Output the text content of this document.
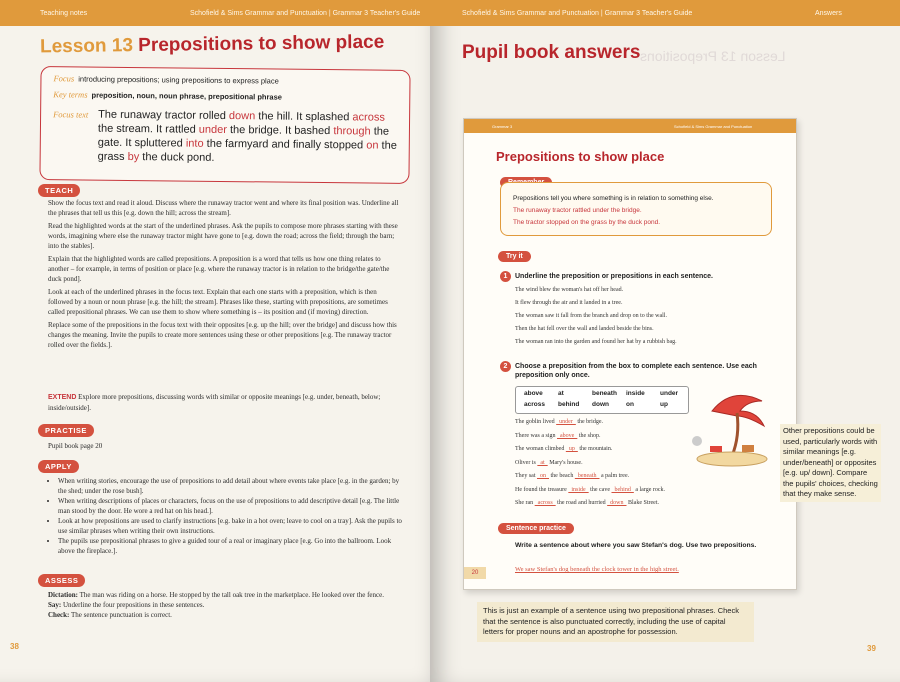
Teaching notes	Schofield & Sims Grammar and Punctuation | Grammar 3 Teacher's Guide
Lesson 13 Prepositions to show place
Focus introducing prepositions; using prepositions to express place
Key terms preposition, noun, noun phrase, prepositional phrase
Focus text The runaway tractor rolled down the hill. It splashed across the stream. It rattled under the bridge. It bashed through the gate. It spluttered into the farmyard and finally stopped on the grass by the duck pond.
TEACH
Show the focus text and read it aloud. Discuss where the runaway tractor went and where its final position was. Underline all the phrases that tell us this [e.g. down the hill; across the stream].
Read the highlighted words at the start of the underlined phrases. Ask the pupils to compose more phrases starting with these words, imagining where else the runaway tractor might have gone to [e.g. down the road; across the field; through the barn; into the stables].
Explain that the highlighted words are called prepositions. A preposition is a word that tells us how one thing relates to another – for example, in terms of position or place [e.g. where the runaway tractor is in relation to the bridge/the gate/the duck pond].
Look at each of the underlined phrases in the focus text. Explain that each one starts with a preposition, which is then followed by a noun or noun phrase [e.g. the hill; the stream]. Phrases like these, starting with prepositions, are sometimes called prepositional phrases. We can use them to show where something is – its position and (if moving) direction.
Replace some of the prepositions in the focus text with their opposites [e.g. up the hill; over the bridge] and discuss how this changes the meaning. Invite the pupils to create more sentences using these or other prepositions [e.g. The runaway tractor rolled over the fields.].
EXTEND Explore more prepositions, discussing words with similar or opposite meanings [e.g. under, beneath, below; inside/outside].
PRACTISE
Pupil book page 20
APPLY
• When writing stories, encourage the use of prepositions to add detail about where events take place [e.g. in the garden; by the shed; under the rose bush].
• When writing descriptions of places or characters, focus on the use of prepositions to add descriptive detail [e.g. The little man stood by the door. He wore a red hat on his head.].
• Look at how prepositions are used to clarify instructions [e.g. bake in a hot oven; leave to cool on a tray]. Ask the pupils to use similar phrases when writing their own instructions.
• The pupils use prepositional phrases to give a guided tour of a real or imaginary place [e.g. Go into the ballroom. Look above the fireplace.].
ASSESS
Dictation: The man was riding on a horse. He stopped by the tall oak tree in the marketplace. He looked over the fence.
Say: Underline the four prepositions in these sentences.
Check: The sentence punctuation is correct.
38
Schofield & Sims Grammar and Punctuation | Grammar 3 Teacher's Guide	Answers
Pupil book answers Lesson 13 Prepositions
Grammar 3	Schofield & Sims Grammar and Punctuation
Prepositions to show place
Prepositions tell you where something is in relation to something else.
The runaway tractor rattled under the bridge.
The tractor stopped on the grass by the duck pond.
Try it
1	Underline the preposition or prepositions in each sentence.
The wind blew the woman's hat off her head.
It flew through the air and it landed in a tree.
The woman saw it fall from the branch and drop on to the wall.
Then the hat fell over the wall and landed beside the bins.
The woman ran into the garden and found her hat by a rubbish bag.
2	Choose a preposition from the box to complete each sentence. Use each preposition only once.
above at	beneath inside under
across behind down	on	up
The goblin lived   under   the bridge.
There was a sign   above   the shop.
The woman climbed   up   the mountain.
Oliver is   at   Mary's house.
They sat   on   the beach   beneath   a palm tree.
He found the treasure   inside   the cave   behind   a large rock.
She ran   across   the road and hurried   down   Blake Street.
Sentence practice
Write a sentence about where you saw Stefan's dog. Use two prepositions.
We saw Stefan's dog beneath the clock tower in the high street.
20
Other prepositions could be used, particularly words with similar meanings [e.g. under/beneath] or opposites [e.g. up/ down]. Compare the pupils' choices, checking that they make sense.
This is just an example of a sentence using two prepositional phrases. Check that the sentence is also punctuated correctly, including the use of capital letters for proper nouns and an apostrophe for possession.
39
